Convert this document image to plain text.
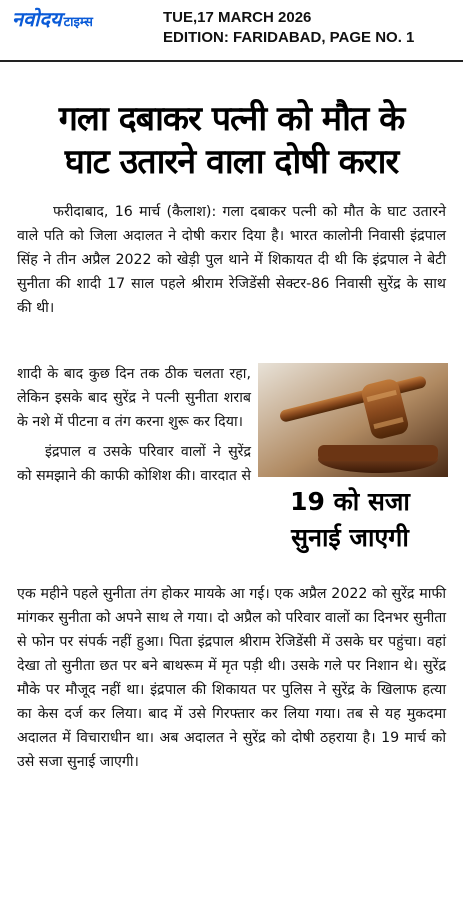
नवोदय टाइम्स	TUE,17 MARCH 2026
EDITION: FARIDABAD, PAGE NO. 1
गला दबाकर पत्नी को मौत के
घाट उतारने वाला दोषी करार
फरीदाबाद, 16 मार्च (कैलाश): गला दबाकर पत्नी को मौत के घाट उतारने वाले पति को जिला अदालत ने दोषी करार दिया है। भारत कालोनी निवासी इंद्रपाल सिंह ने तीन अप्रैल 2022 को खेड़ी पुल थाने में शिकायत दी थी कि इंद्रपाल ने बेटी सुनीता की शादी 17 साल पहले श्रीराम रेजिडेंसी सेक्टर-86 निवासी सुरेंद्र के साथ की थी।

शादी के बाद कुछ दिन तक ठीक चलता रहा, लेकिन इसके बाद सुरेंद्र ने पत्नी सुनीता शराब के नशे में पीटना व तंग करना शुरू कर दिया।

इंद्रपाल व उसके परिवार वालों ने सुरेंद्र को समझाने की काफी कोशिश की। वारदात से

19 को सजा
सुनाई जाएगी

एक महीने पहले सुनीता तंग होकर मायके आ गई। एक अप्रैल 2022 को सुरेंद्र माफी मांगकर सुनीता को अपने साथ ले गया। दो अप्रैल को परिवार वालों का दिनभर सुनीता से फोन पर संपर्क नहीं हुआ। पिता इंद्रपाल श्रीराम रेजिडेंसी में उसके घर पहुंचा। वहां देखा तो सुनीता छत पर बने बाथरूम में मृत पड़ी थी। उसके गले पर निशान थे। सुरेंद्र मौके पर मौजूद नहीं था। इंद्रपाल की शिकायत पर पुलिस ने सुरेंद्र के खिलाफ हत्या का केस दर्ज कर लिया। बाद में उसे गिरफ्तार कर लिया गया। तब से यह मुकदमा अदालत में विचाराधीन था। अब अदालत ने सुरेंद्र को दोषी ठहराया है। 19 मार्च को उसे सजा सुनाई जाएगी।
